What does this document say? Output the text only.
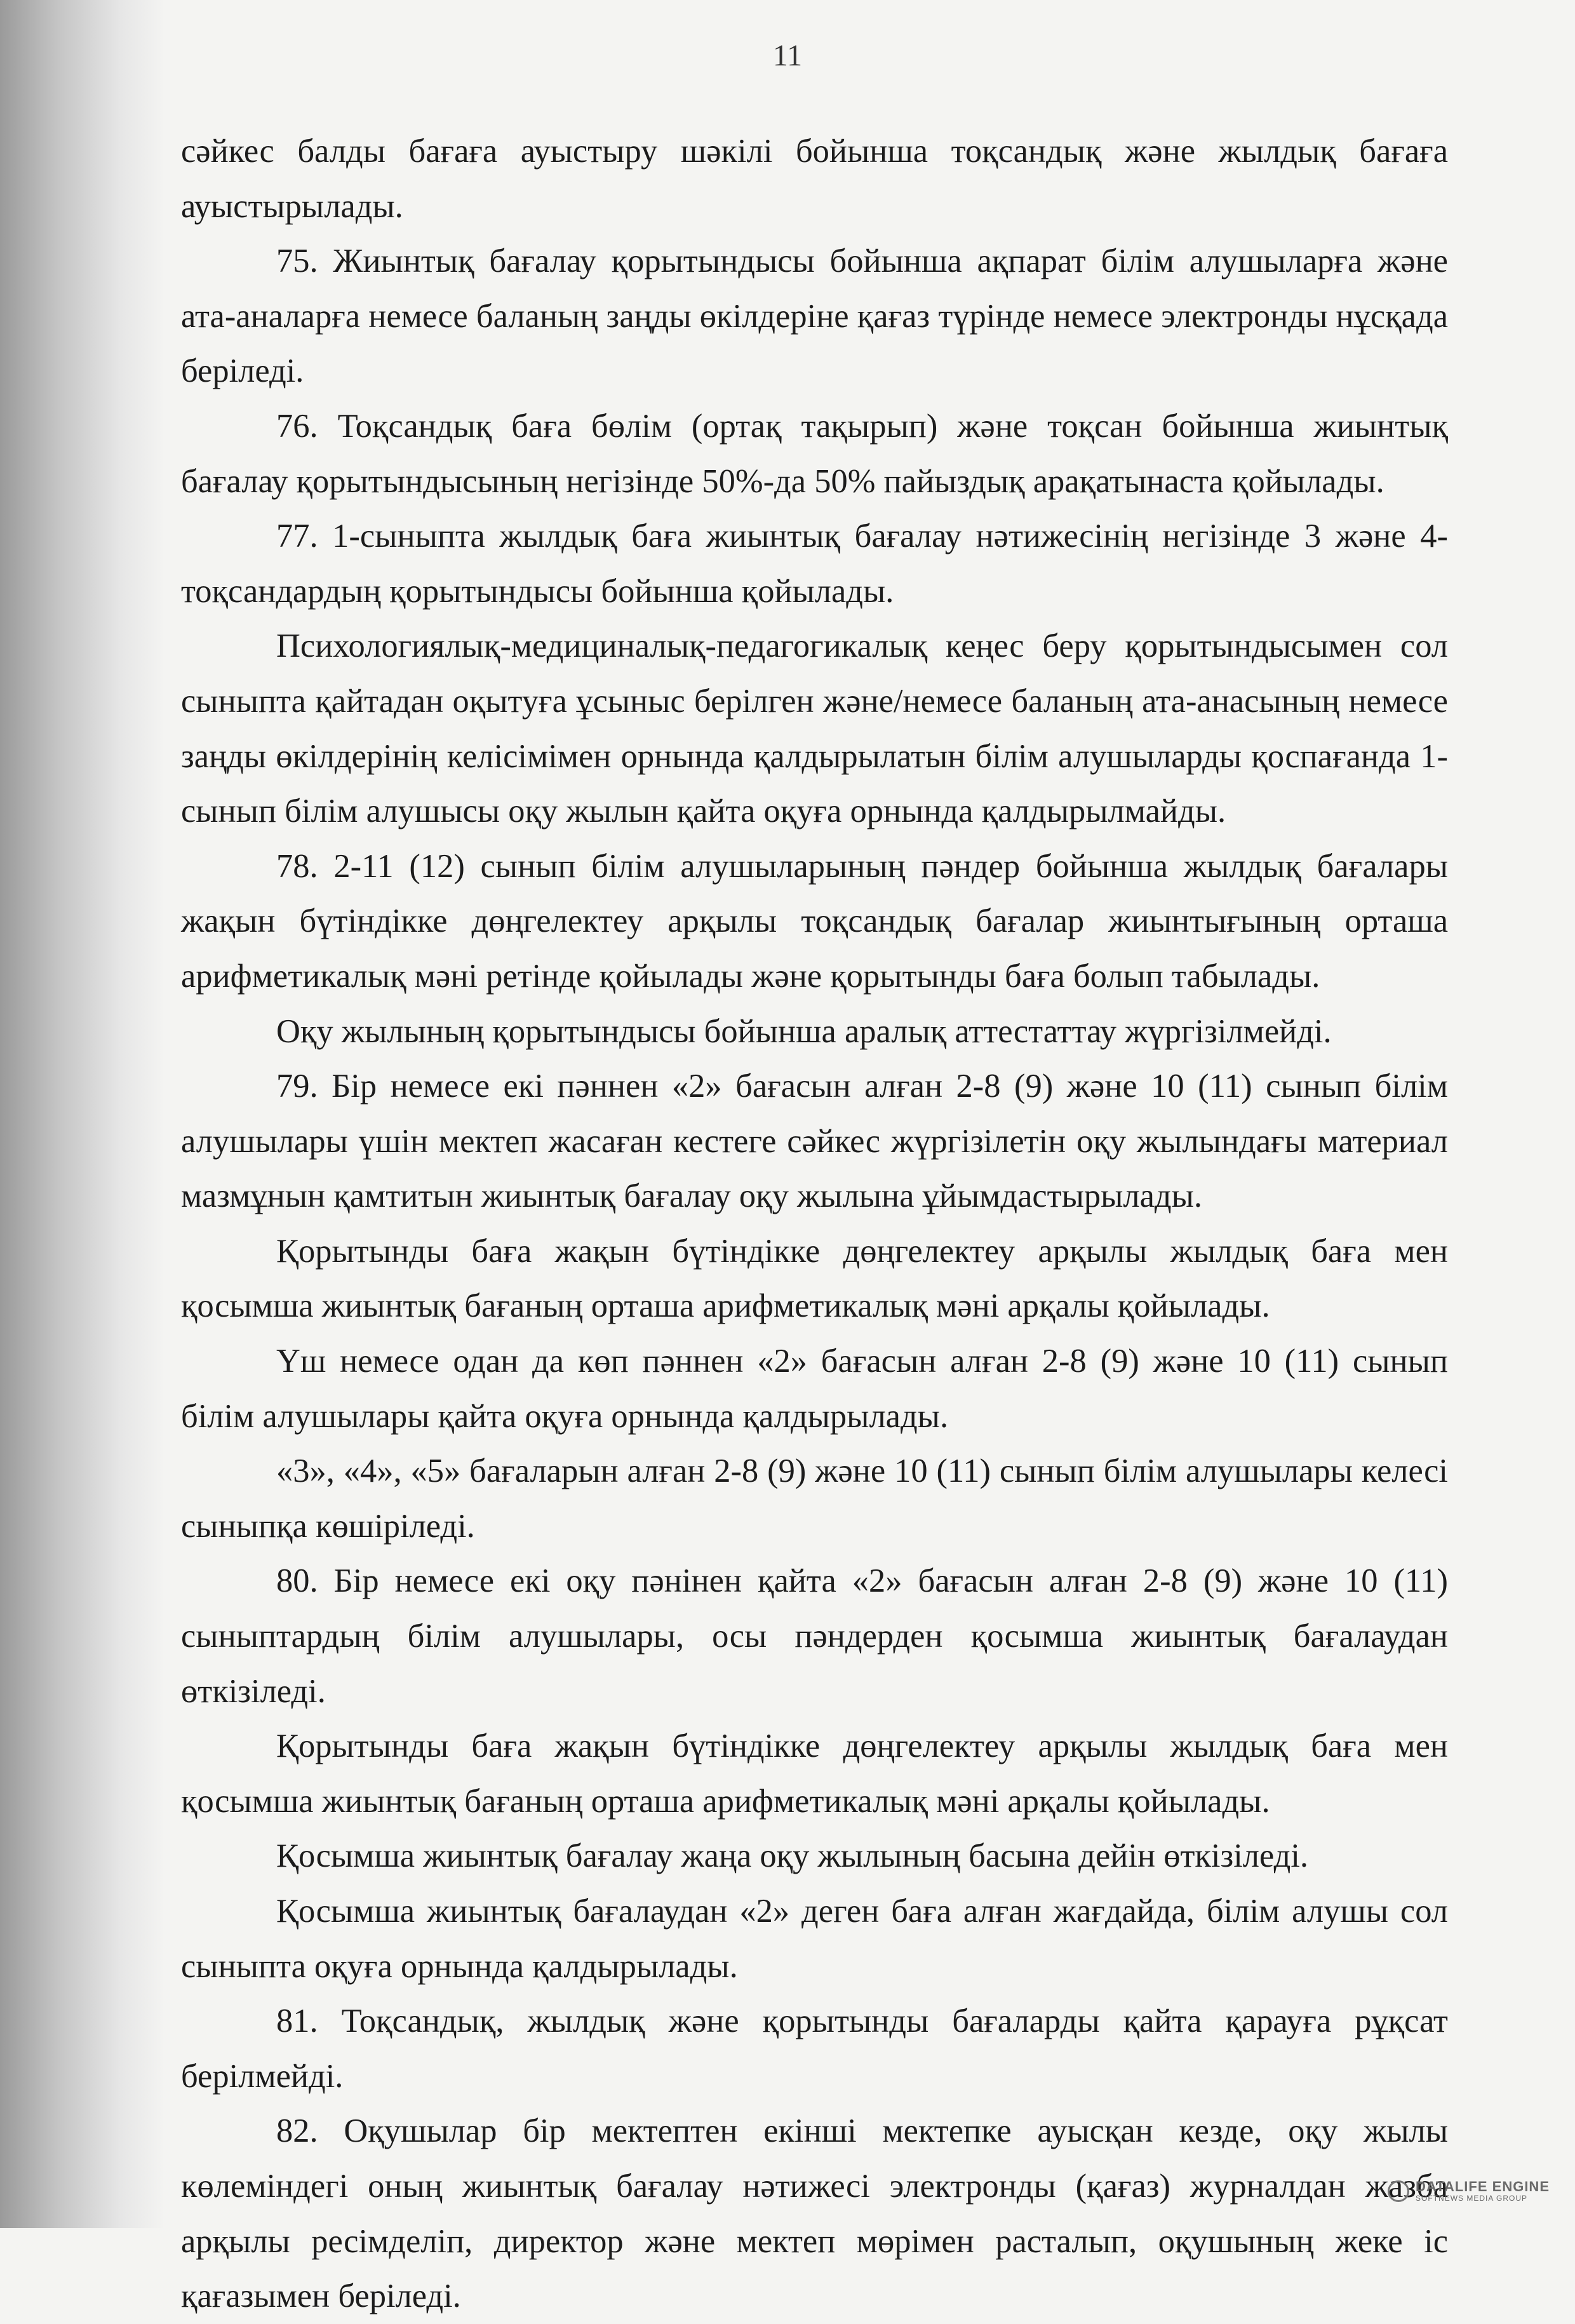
11

сәйкес балды бағаға ауыстыру шәкілі бойынша тоқсандық және жылдық бағаға ауыстырылады.

75. Жиынтық бағалау қорытындысы бойынша ақпарат білім алушыларға және ата-аналарға немесе баланың заңды өкілдеріне қағаз түрінде немесе электронды нұсқада беріледі.

76. Тоқсандық баға бөлім (ортақ тақырып) және тоқсан бойынша жиынтық бағалау қорытындысының негізінде 50%-да 50% пайыздық арақатынаста қойылады.

77. 1-сыныпта жылдық баға жиынтық бағалау нәтижесінің негізінде 3 және 4-тоқсандардың қорытындысы бойынша қойылады.

Психологиялық-медициналық-педагогикалық кеңес беру қорытындысымен сол сыныпта қайтадан оқытуға ұсыныс берілген және/немесе баланың ата-анасының немесе заңды өкілдерінің келісімімен орнында қалдырылатын білім алушыларды қоспағанда 1-сынып білім алушысы оқу жылын қайта оқуға орнында қалдырылмайды.

78. 2-11 (12) сынып білім алушыларының пәндер бойынша жылдық бағалары жақын бүтіндікке дөңгелектеу арқылы тоқсандық бағалар жиынтығының орташа арифметикалық мәні ретінде қойылады және қорытынды баға болып табылады.

Оқу жылының қорытындысы бойынша аралық аттестаттау жүргізілмейді.

79. Бір немесе екі пәннен «2» бағасын алған 2-8 (9) және 10 (11) сынып білім алушылары үшін мектеп жасаған кестеге сәйкес жүргізілетін оқу жылындағы материал мазмұнын қамтитын жиынтық бағалау оқу жылына ұйымдастырылады.

Қорытынды баға жақын бүтіндікке дөңгелектеу арқылы жылдық баға мен қосымша жиынтық бағаның орташа арифметикалық мәні арқалы қойылады.

Үш немесе одан да көп пәннен «2» бағасын алған 2-8 (9) және 10 (11) сынып білім алушылары қайта оқуға орнында қалдырылады.

«3», «4», «5» бағаларын алған 2-8 (9) және 10 (11) сынып білім алушылары келесі сыныпқа көшіріледі.

80. Бір немесе екі оқу пәнінен қайта «2» бағасын алған 2-8 (9) және 10 (11) сыныптардың білім алушылары, осы пәндерден қосымша жиынтық бағалаудан өткізіледі.

Қорытынды баға жақын бүтіндікке дөңгелектеу арқылы жылдық баға мен қосымша жиынтық бағаның орташа арифметикалық мәні арқалы қойылады.

Қосымша жиынтық бағалау жаңа оқу жылының басына дейін өткізіледі.

Қосымша жиынтық бағалаудан «2» деген баға алған жағдайда, білім алушы сол сыныпта оқуға орнында қалдырылады.

81. Тоқсандық, жылдық және қорытынды бағаларды қайта қарауға рұқсат берілмейді.

82. Оқушылар бір мектептен екінші мектепке ауысқан кезде, оқу жылы көлеміндегі оның жиынтық бағалау нәтижесі электронды (қағаз) журналдан жазба арқылы ресімделіп, директор және мектеп мөрімен расталып, оқушының жеке іс қағазымен беріледі.

DATALIFE ENGINE
SOFTNEWS MEDIA GROUP
